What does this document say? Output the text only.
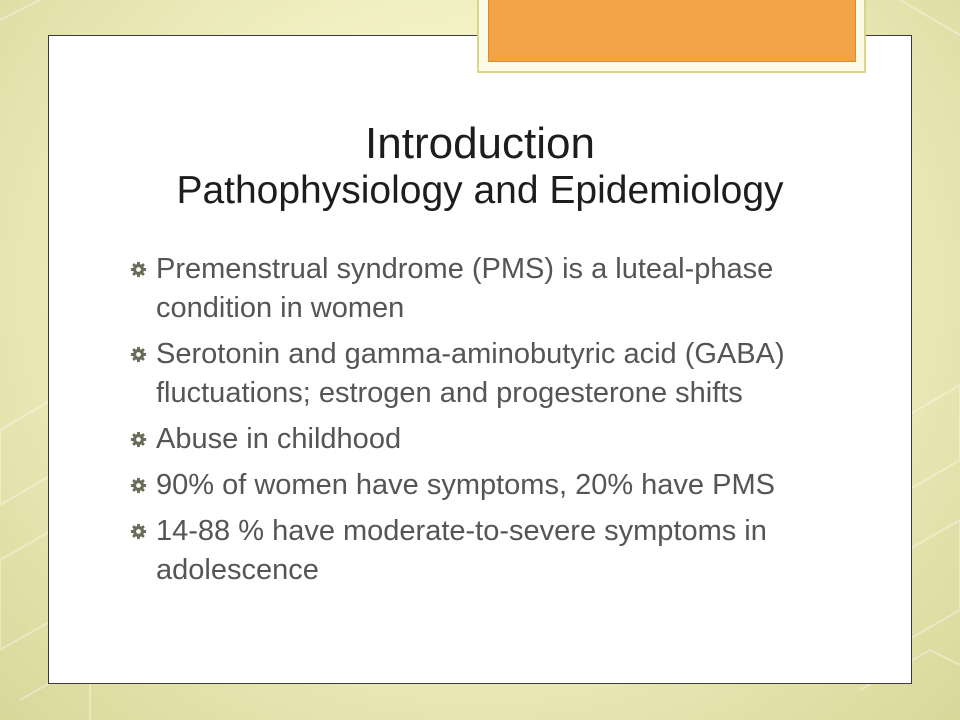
Introduction
Pathophysiology and Epidemiology
Premenstrual syndrome (PMS) is a luteal-phase condition in women
Serotonin and gamma-aminobutyric acid (GABA) fluctuations; estrogen and progesterone shifts
Abuse in childhood
90% of women have symptoms, 20% have PMS
14-88 % have moderate-to-severe symptoms in adolescence
